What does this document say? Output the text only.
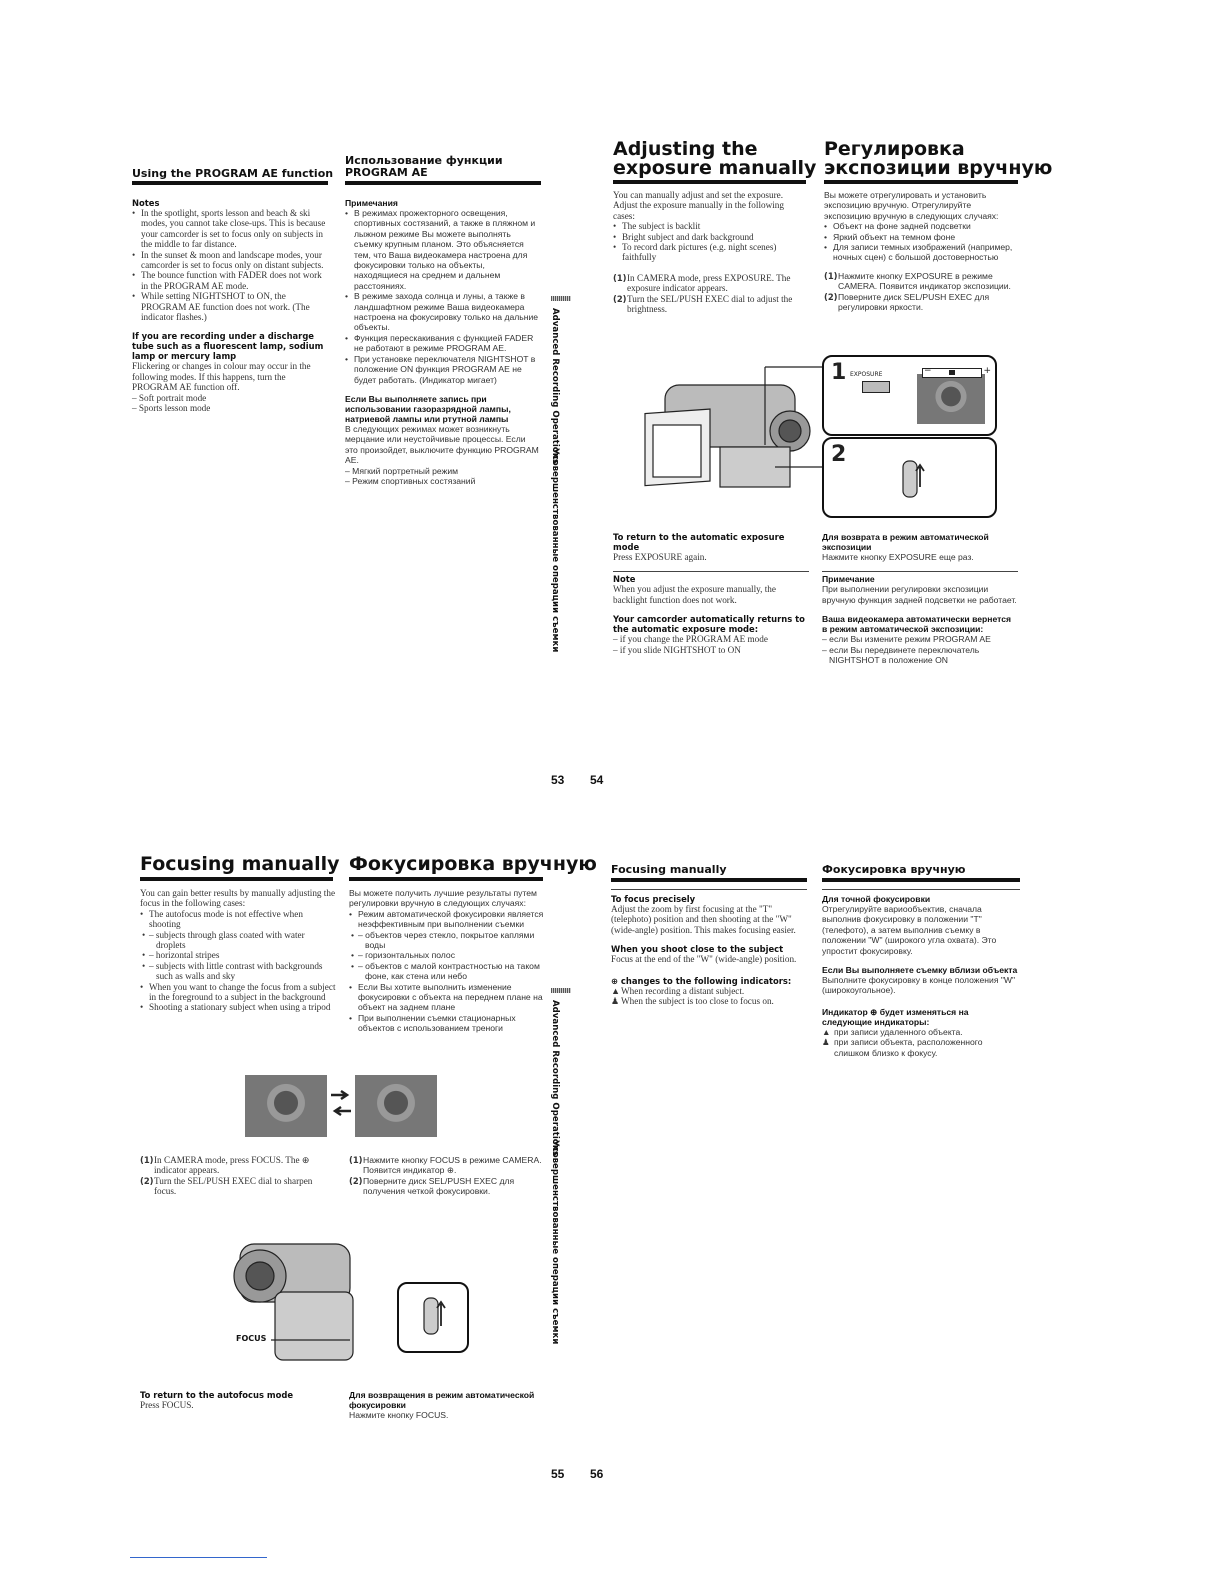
Using the PROGRAM AE function
Использование функции
PROGRAM AE
Notes
• In the spotlight, sports lesson and beach & ski modes, you cannot take close-ups. This is because your camcorder is set to focus only on subjects in the middle to far distance.
• In the sunset & moon and landscape modes, your camcorder is set to focus only on distant subjects.
• The bounce function with FADER does not work in the PROGRAM AE mode.
• While setting NIGHTSHOT to ON, the PROGRAM AE function does not work. (The indicator flashes.)
If you are recording under a discharge tube such as a fluorescent lamp, sodium lamp or mercury lamp
Flickering or changes in colour may occur in the following modes. If this happens, turn the PROGRAM AE function off.
– Soft portrait mode
– Sports lesson mode
Примечания
• В режимах прожекторного освещения, спортивных состязаний, а также в пляжном и лыжном режиме Вы можете выполнять съемку крупным планом. Это объясняется тем, что Ваша видеокамера настроена для фокусировки только на объекты, находящиеся на среднем и дальнем расстояниях.
• В режиме захода солнца и луны, а также в ландшафтном режиме Ваша видеокамера настроена на фокусировку только на дальние объекты.
• Функция перескакивания с функцией FADER не работают в режиме PROGRAM AE.
• При установке переключателя NIGHTSHOT в положение ON функция PROGRAM AE не будет работать. (Индикатор мигает)
Если Вы выполняете запись при использовании газоразрядной лампы, натриевой лампы или ртутной лампы
В следующих режимах может возникнуть мерцание или неустойчивые процессы. Если это произойдет, выключите функцию PROGRAM AE.
– Мягкий портретный режим
– Режим спортивных состязаний
Advanced Recording Operations
Усовершенствованные операции съемки
53
Adjusting the
exposure manually
Регулировка
экспозиции вручную
You can manually adjust and set the exposure. Adjust the exposure manually in the following cases:
• The subject is backlit
• Bright subject and dark background
• To record dark pictures (e.g. night scenes) faithfully
(1) In CAMERA mode, press EXPOSURE. The exposure indicator appears.
(2) Turn the SEL/PUSH EXEC dial to adjust the brightness.
Вы можете отрегулировать и установить экспозицию вручную. Отрегулируйте экспозицию вручную в следующих случаях:
• Объект на фоне задней подсветки
• Яркий объект на темном фоне
• Для записи темных изображений (например, ночных сцен) с большой достоверностью
(1) Нажмите кнопку EXPOSURE в режиме CAMERA. Появится индикатор экспозиции.
(2) Поверните диск SEL/PUSH EXEC для регулировки яркости.
1 EXPOSURE	−	+
2
To return to the automatic exposure mode
Press EXPOSURE again.
Note
When you adjust the exposure manually, the backlight function does not work.
Your camcorder automatically returns to the automatic exposure mode:
– if you change the PROGRAM AE mode
– if you slide NIGHTSHOT to ON
Для возврата в режим автоматической экспозиции
Нажмите кнопку EXPOSURE еще раз.
Примечание
При выполнении регулировки экспозиции вручную функция задней подсветки не работает.
Ваша видеокамера автоматически вернется в режим автоматической экспозиции:
– если Вы измените режим PROGRAM AE
– если Вы передвинете переключатель NIGHTSHOT в положение ON
54
Focusing manually Фокусировка вручную
You can gain better results by manually adjusting the focus in the following cases:
• The autofocus mode is not effective when shooting
• – subjects through glass coated with water droplets
• – horizontal stripes
• – subjects with little contrast with backgrounds such as walls and sky
• When you want to change the focus from a subject in the foreground to a subject in the background
• Shooting a stationary subject when using a tripod
Вы можете получить лучшие результаты путем регулировки вручную в следующих случаях:
• Режим автоматической фокусировки является неэффективным при выполнении съемки
• – объектов через стекло, покрытое каплями воды
• – горизонтальных полос
• – объектов с малой контрастностью на таком фоне, как стена или небо
• Если Вы хотите выполнить изменение фокусировки с объекта на переднем плане на объект на заднем плане
• При выполнении съемки стационарных объектов с использованием треноги
(1) In CAMERA mode, press FOCUS. The ⊕ indicator appears.
(2) Turn the SEL/PUSH EXEC dial to sharpen focus.
(1) Нажмите кнопку FOCUS в режиме CAMERA. Появится индикатор ⊕.
(2) Поверните диск SEL/PUSH EXEC для получения четкой фокусировки.
FOCUS
To return to the autofocus mode
Press FOCUS.
Для возвращения в режим автоматической фокусировки
Нажмите кнопку FOCUS.
Advanced Recording Operations
Усовершенствованные операции съемки
55
Focusing manually	Фокусировка вручную
To focus precisely
Adjust the zoom by first focusing at the "T" (telephoto) position and then shooting at the "W" (wide-angle) position. This makes focusing easier.
When you shoot close to the subject
Focus at the end of the "W" (wide-angle) position.
⊕ changes to the following indicators:
▲When recording a distant subject.
♟ When the subject is too close to focus on.
Для точной фокусировки
Отрегулируйте вариообъектив, сначала выполнив фокусировку в положении "T" (телефото), а затем выполнив съемку в положении "W" (широкого угла охвата). Это упростит фокусировку.
Если Вы выполняете съемку вблизи объекта
Выполните фокусировку в конце положения "W" (широкоугольное).
Индикатор ⊕ будет изменяться на следующие индикаторы:
▲ при записи удаленного объекта.
♟ при записи объекта, расположенного слишком близко к фокусу.
56
